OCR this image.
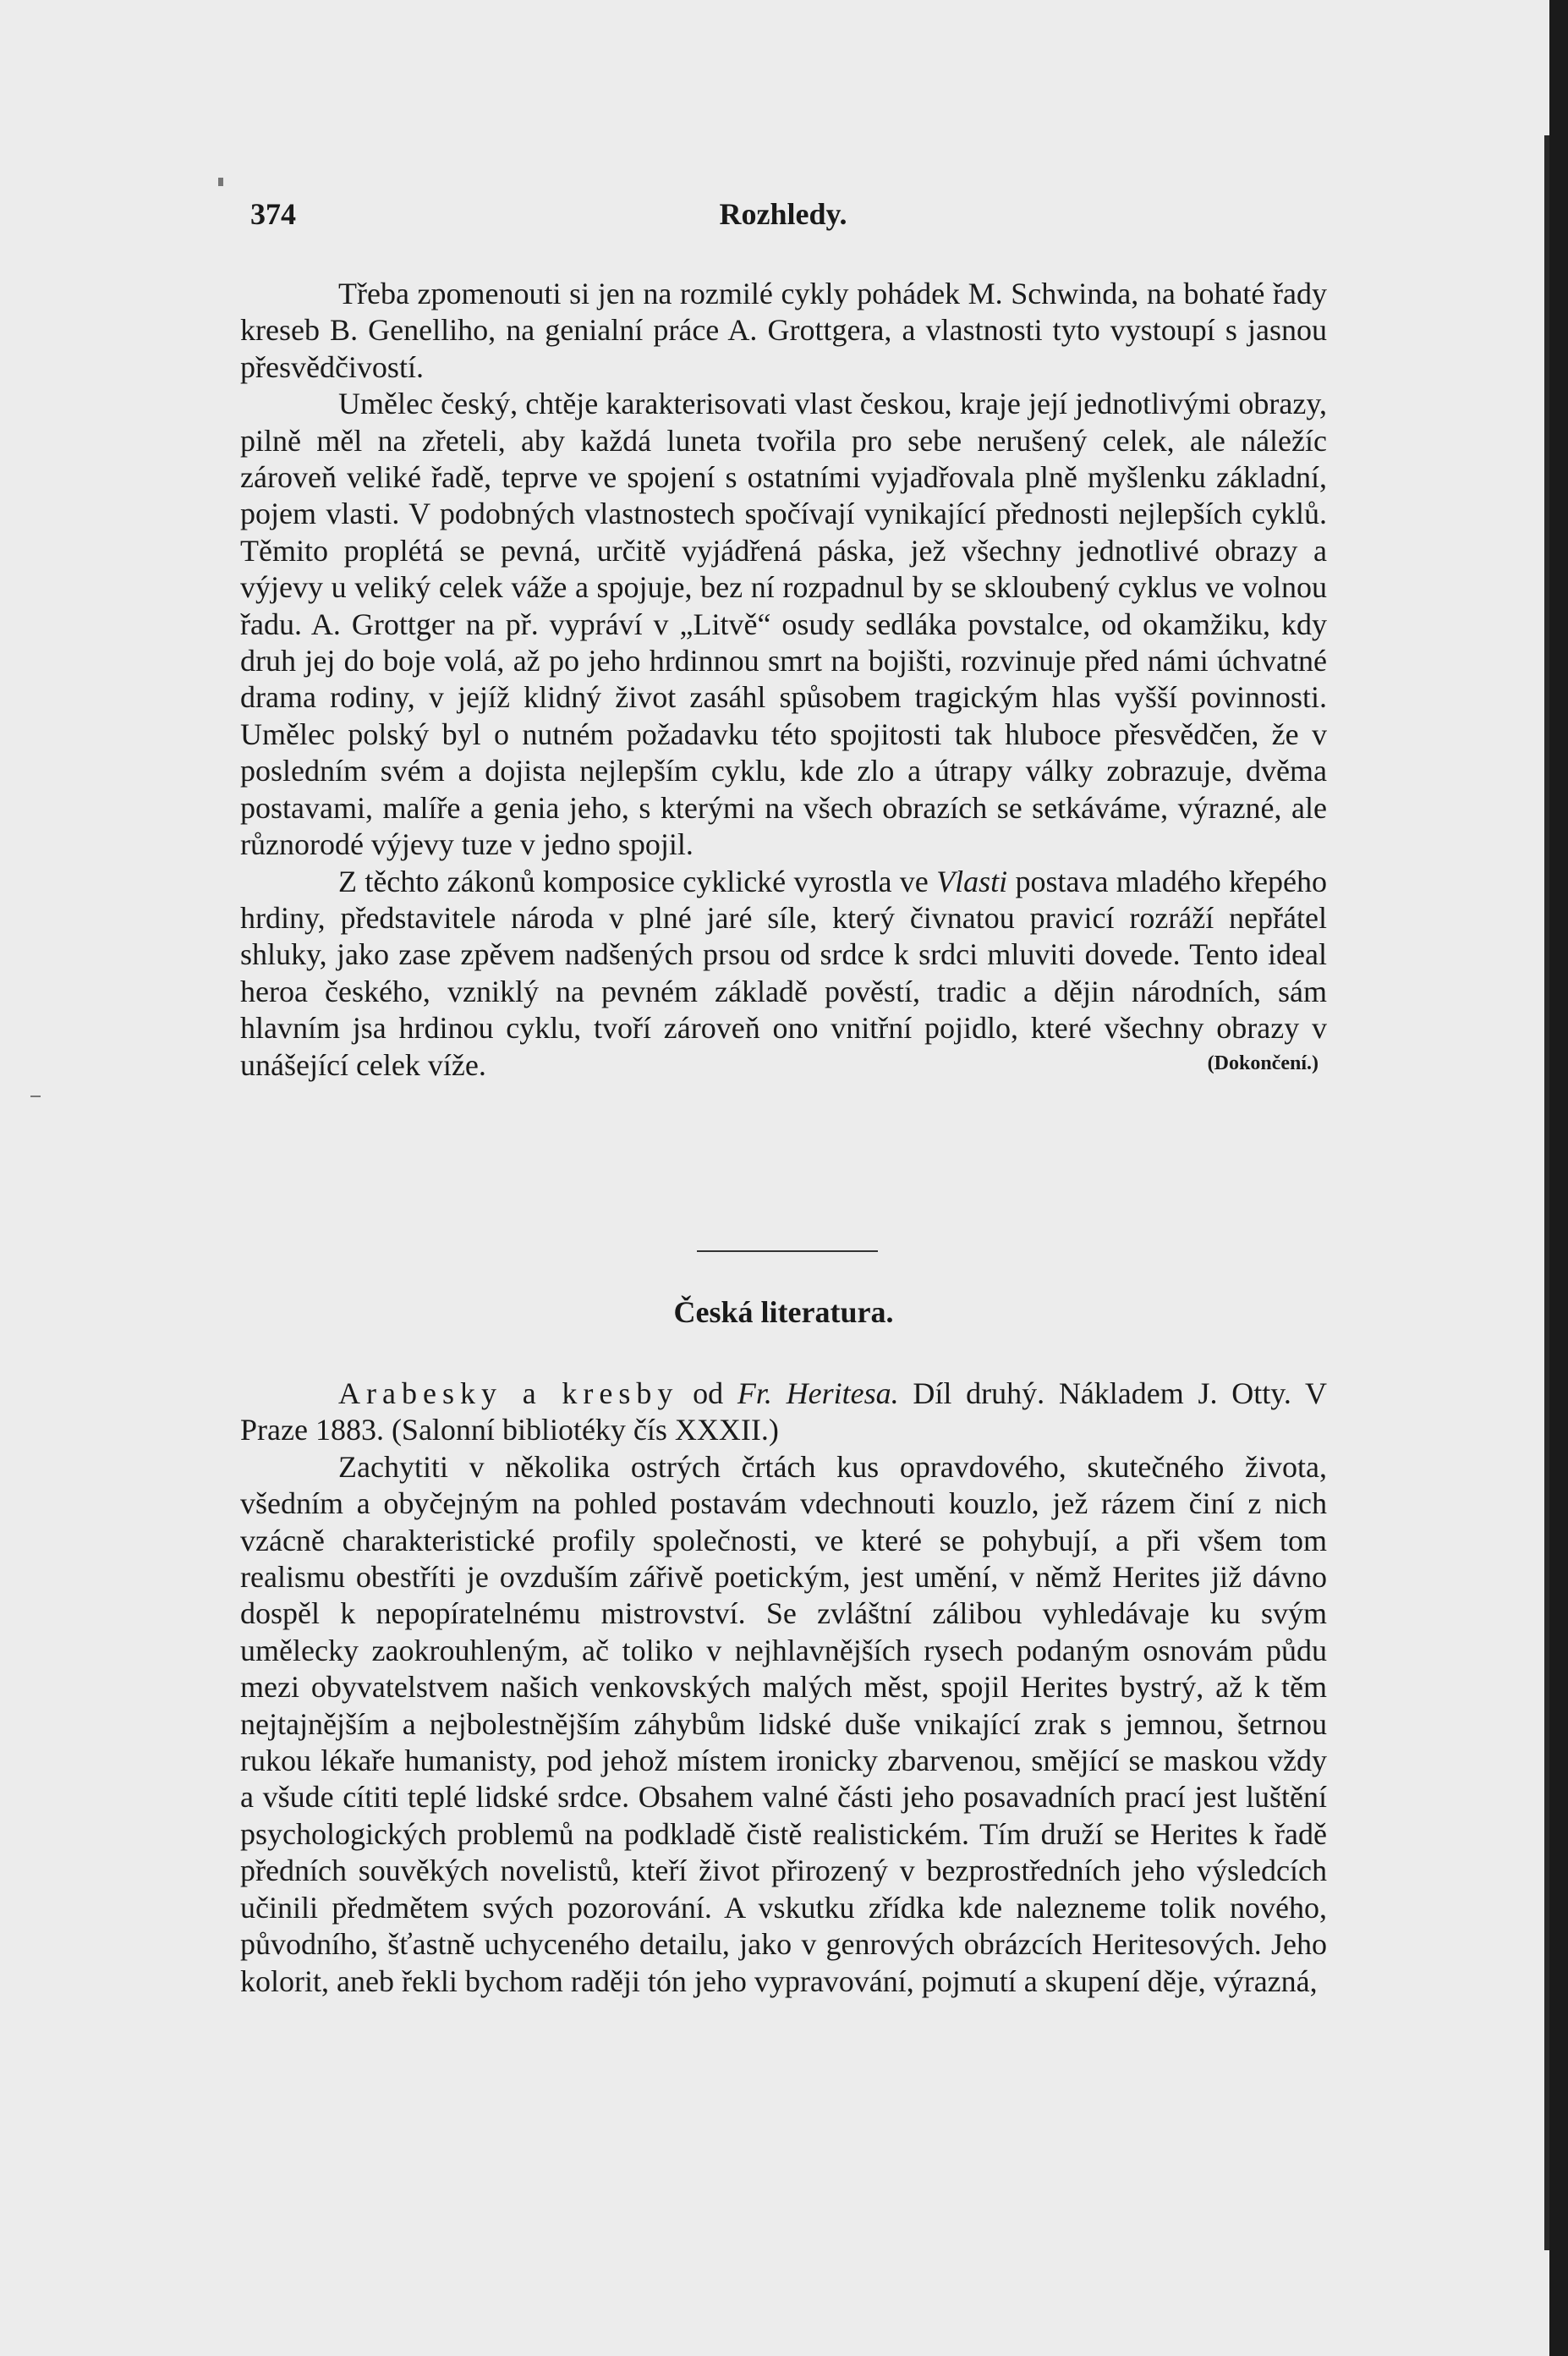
374	Rozhledy.

Třeba zpomenouti si jen na rozmilé cykly pohádek M. Schwinda, na bohaté řady kreseb B. Genelliho, na genialní práce A. Grottgera, a vlastnosti tyto vystoupí s jasnou přesvědčivostí.

Umělec český, chtěje karakterisovati vlast českou, kraje její jednotlivými obrazy, pilně měl na zřeteli, aby každá luneta tvořila pro sebe nerušený celek, ale náležíc zároveň veliké řadě, teprve ve spojení s ostatními vyjadřovala plně myšlenku základní, pojem vlasti. V podobných vlastnostech spočívají vynikající přednosti nejlepších cyklů. Těmito proplétá se pevná, určitě vyjádřená páska, jež všechny jednotlivé obrazy a výjevy u veliký celek váže a spojuje, bez ní rozpadnul by se skloubený cyklus ve volnou řadu. A. Grottger na př. vypráví v „Litvě“ osudy sedláka povstalce, od okamžiku, kdy druh jej do boje volá, až po jeho hrdinnou smrt na bojišti, rozvinuje před námi úchvatné drama rodiny, v jejíž klidný život zasáhl spůsobem tragickým hlas vyšší povinnosti. Umělec polský byl o nutném požadavku této spojitosti tak hluboce přesvědčen, že v posledním svém a dojista nejlepším cyklu, kde zlo a útrapy války zobrazuje, dvěma postavami, malíře a genia jeho, s kterými na všech obrazích se setkáváme, výrazné, ale různorodé výjevy tuze v jedno spojil.

Z těchto zákonů komposice cyklické vyrostla ve Vlasti postava mladého křepého hrdiny, představitele národa v plné jaré síle, který čivnatou pravicí rozráží nepřátel shluky, jako zase zpěvem nadšených prsou od srdce k srdci mluviti dovede. Tento ideal heroa českého, vzniklý na pevném základě pověstí, tradic a dějin národních, sám hlavním jsa hrdinou cyklu, tvoří zároveň ono vnitřní pojidlo, které všechny obrazy v unášející celek víže.	(Dokončení.)

Česká literatura.

Arabesky a kresby od Fr. Heritesa. Díl druhý. Nákladem J. Otty. V Praze 1883. (Salonní bibliotéky čís XXXII.)

Zachytiti v několika ostrých črtách kus opravdového, skutečného života, všedním a obyčejným na pohled postavám vdechnouti kouzlo, jež rázem činí z nich vzácně charakteristické profily společnosti, ve které se pohybují, a při všem tom realismu obestříti je ovzduším zářivě poetickým, jest umění, v němž Herites již dávno dospěl k nepopíratelnému mistrovství. Se zvláštní zálibou vyhledávaje ku svým umělecky zaokrouhleným, ač toliko v nejhlavnějších rysech podaným osnovám půdu mezi obyvatelstvem našich venkovských malých měst, spojil Herites bystrý, až k těm nejtajnějším a nejbolestnějším záhybům lidské duše vnikající zrak s jemnou, šetrnou rukou lékaře humanisty, pod jehož místem ironicky zbarvenou, smějící se maskou vždy a všude cítiti teplé lidské srdce. Obsahem valné části jeho posavadních prací jest luštění psychologických problemů na podkladě čistě realistickém. Tím druží se Herites k řadě předních souvěkých novelistů, kteří život přirozený v bezprostředních jeho výsledcích učinili předmětem svých pozorování. A vskutku zřídka kde nalezneme tolik nového, původního, šťastně uchyceného detailu, jako v genrových obrázcích Heritesových. Jeho kolorit, aneb řekli bychom raději tón jeho vypravování, pojmutí a skupení děje, výrazná,
